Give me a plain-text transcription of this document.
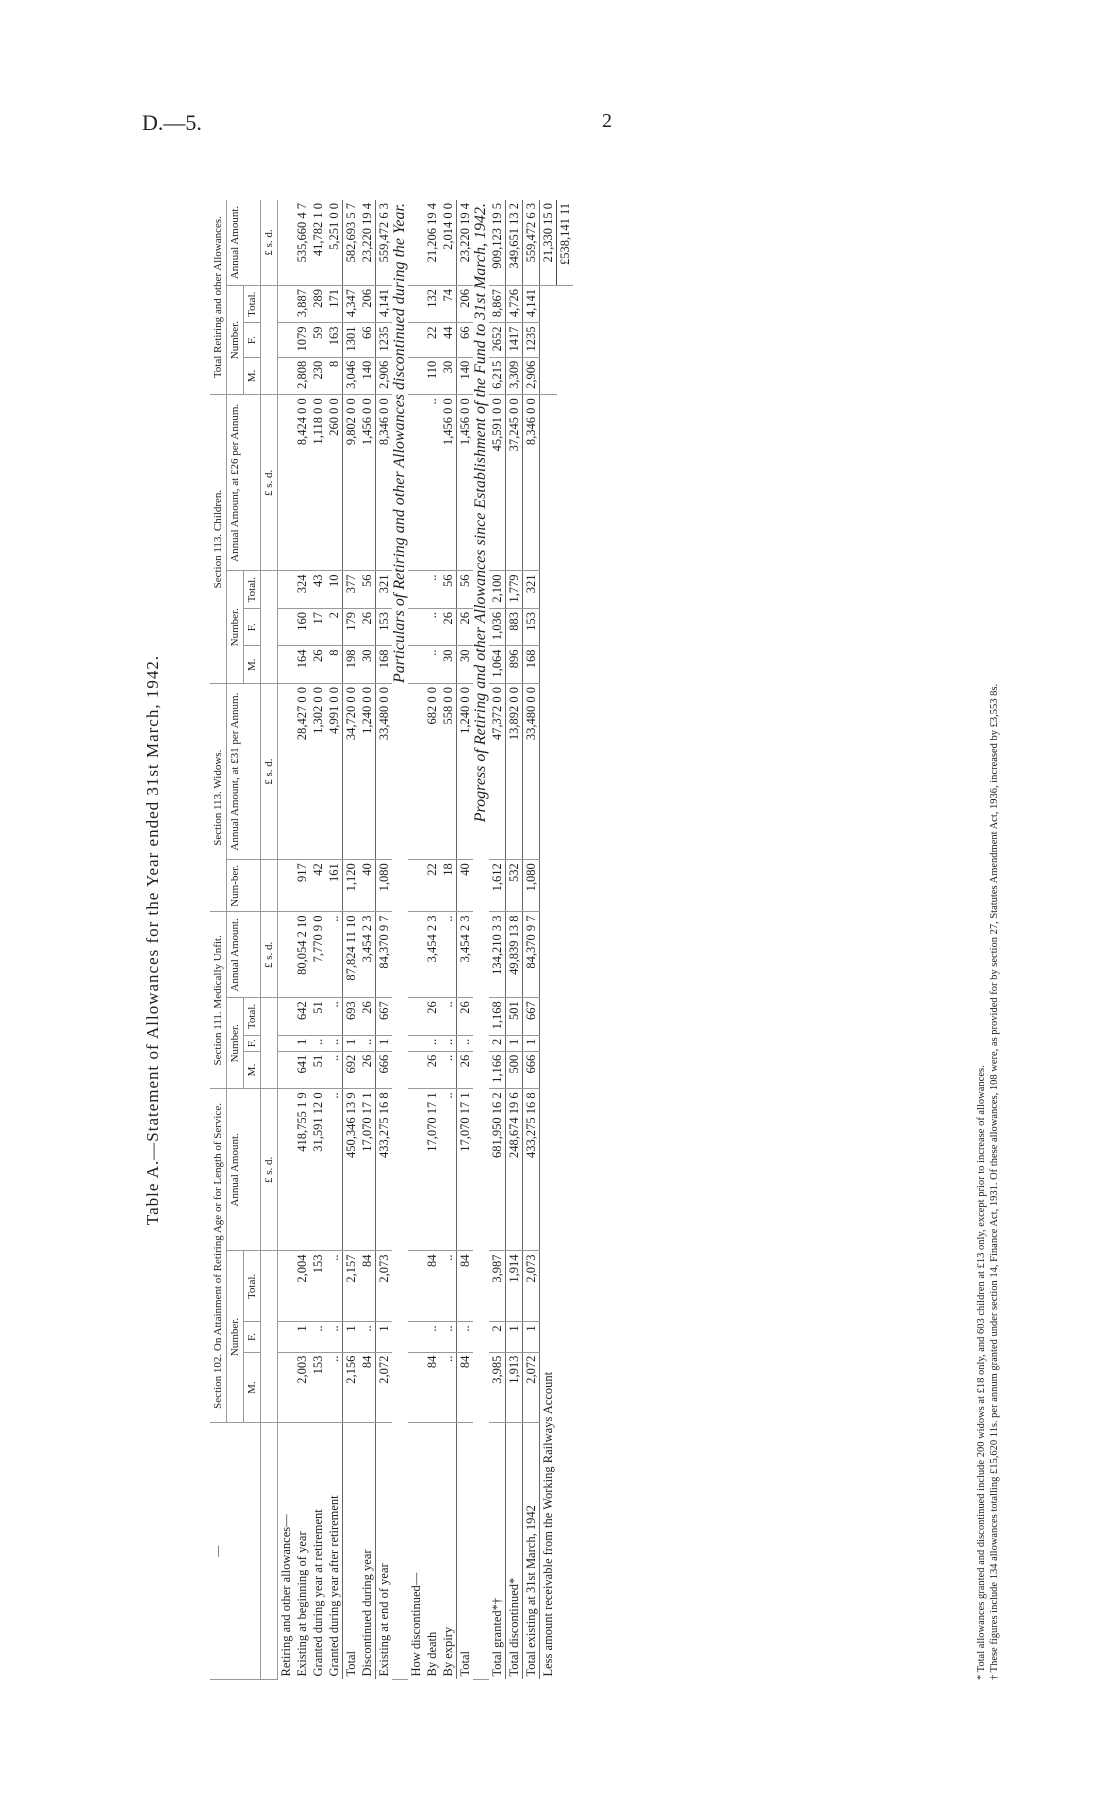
D.—5.	2
Table A.—Statement of Allowances for the Year ended 31st March, 1942.
—	Section 102. On Attainment of Retiring Age or for Length of Service.				Section 111. Medically Unfit.				Section 113. Widows.		Section 113. Children.				Total Retiring and other Allowances.			
	Number.			Annual Amount.	Number.			Annual Amount.	Num-ber.	Annual Amount, at £31 per Annum.	Number.			Annual Amount, at £26 per Annum.	Number.			Annual Amount.
	M.	F.	Total.		M.	F.	Total.				M.	F.	Total.		M.	F.	Total.	
				£ s. d.				£ s. d.		£ s. d.				£ s. d.				£ s. d.
Retiring and other allowances—																		
Existing at beginning of year	2,003	1	2,004	418,755 1 9	641	1	642	80,054 2 10	917	28,427 0 0	164	160	324	8,424 0 0	2,808	1079	3,887	535,660 4 7
Granted during year at retirement	153	..	153	31,591 12 0	51	..	51	7,770 9 0	42	1,302 0 0	26	17	43	1,118 0 0	230	59	289	41,782 1 0
Granted during year after retirement	..	..	..	..	..	..	..	..	161	4,991 0 0	8	2	10	260 0 0	8	163	171	5,251 0 0
Total	2,156	1	2,157	450,346 13 9	692	1	693	87,824 11 10	1,120	34,720 0 0	198	179	377	9,802 0 0	3,046	1301	4,347	582,693 5 7
Discontinued during year	84	..	84	17,070 17 1	26	..	26	3,454 2 3	40	1,240 0 0	30	26	56	1,456 0 0	140	66	206	23,220 19 4
Existing at end of year	2,072	1	2,073	433,275 16 8	666	1	667	84,370 9 7	1,080	33,480 0 0	168	153	321	8,346 0 0	2,906	1235	4,141	559,472 6 3
Particulars of Retiring and other Allowances discontinued during the Year.																		
How discontinued—																		
By death	84	..	84	17,070 17 1	26	..	26	3,454 2 3	22	682 0 0	..	..	..	..	110	22	132	21,206 19 4
By expiry	..	..	..	..	..	..	..	..	18	558 0 0	30	26	56	1,456 0 0	30	44	74	2,014 0 0
Total	84	..	84	17,070 17 1	26	..	26	3,454 2 3	40	1,240 0 0	30	26	56	1,456 0 0	140	66	206	23,220 19 4
Progress of Retiring and other Allowances since Establishment of the Fund to 31st March, 1942.																		
Total granted*†	3,985	2	3,987	681,950 16 2	1,166	2	1,168	134,210 3 3	1,612	47,372 0 0	1,064	1,036	2,100	45,591 0 0	6,215	2652	8,867	909,123 19 5
Total discontinued*	1,913	1	1,914	248,674 19 6	500	1	501	49,839 13 8	532	13,892 0 0	896	883	1,779	37,245 0 0	3,309	1417	4,726	349,651 13 2
Total existing at 31st March, 1942	2,072	1	2,073	433,275 16 8	666	1	667	84,370 9 7	1,080	33,480 0 0	168	153	321	8,346 0 0	2,906	1235	4,141	559,472 6 3
Less amount receivable from the Working Railways Account																		21,330 15 0
																		£538,141 11
* Total allowances granted and discontinued include 200 widows at £18 only, and 603 children at £13 only, except prior to increase of allowances. † These figures include 134 allowances totalling £15,620 11s. per annum granted under section 14, Finance Act, 1931. Of these allowances, 108 were, as provided for by section 27, Statutes Amendment Act, 1936, increased by £3,553 8s.
